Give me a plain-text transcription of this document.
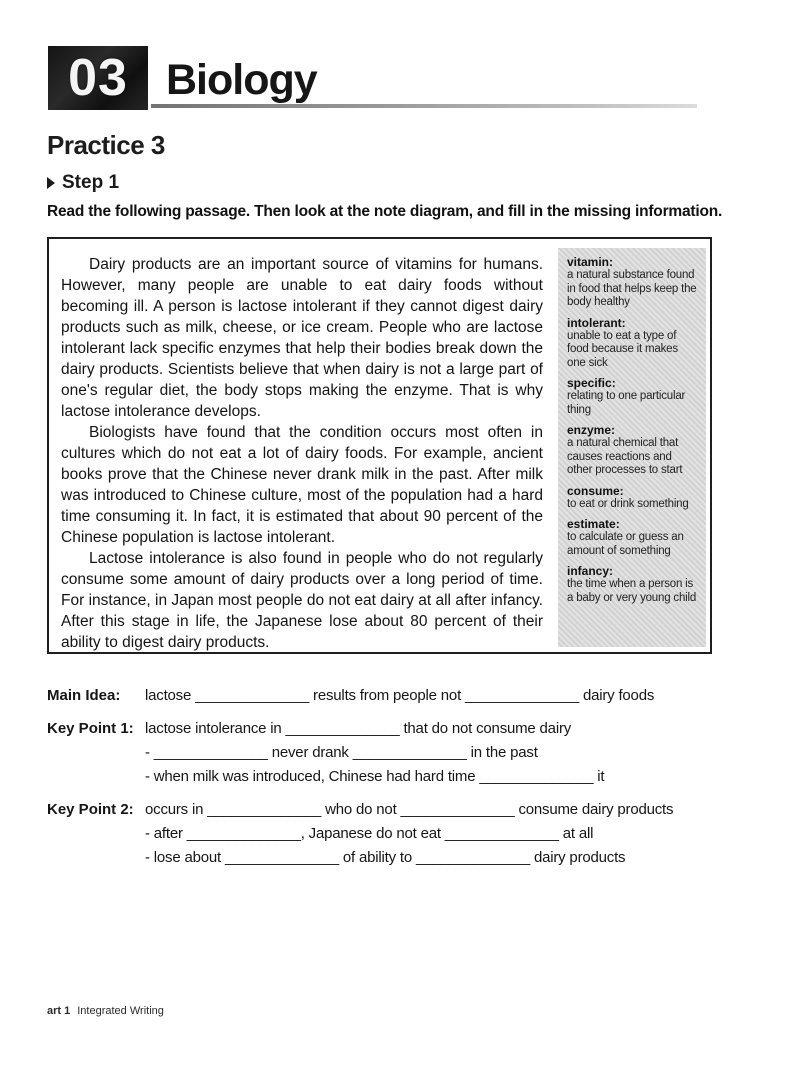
03 Biology
Practice 3
Step 1
Read the following passage. Then look at the note diagram, and fill in the missing information.

Dairy products are an important source of vitamins for humans. However, many people are unable to eat dairy foods without becoming ill. A person is lactose intolerant if they cannot digest dairy products such as milk, cheese, or ice cream. People who are lactose intolerant lack specific enzymes that help their bodies break down the dairy products. Scientists believe that when dairy is not a large part of one's regular diet, the body stops making the enzyme. That is why lactose intolerance develops.

Biologists have found that the condition occurs most often in cultures which do not eat a lot of dairy foods. For example, ancient books prove that the Chinese never drank milk in the past. After milk was introduced to Chinese culture, most of the population had a hard time consuming it. In fact, it is estimated that about 90 percent of the Chinese population is lactose intolerant.

Lactose intolerance is also found in people who do not regularly consume some amount of dairy products over a long period of time. For instance, in Japan most people do not eat dairy at all after infancy. After this stage in life, the Japanese lose about 80 percent of their ability to digest dairy products.

vitamin:
a natural substance found in food that helps keep the body healthy
intolerant:
unable to eat a type of food because it makes one sick
specific:
relating to one particular thing
enzyme:
a natural chemical that causes reactions and other processes to start
consume:
to eat or drink something
estimate:
to calculate or guess an amount of something
infancy:
the time when a person is a baby or very young child
Main Idea:	lactose ______________ results from people not ______________ dairy foods
Key Point 1: lactose intolerance in ______________ that do not consume dairy
- ______________ never drank ______________ in the past
- when milk was introduced, Chinese had hard time ______________ it
Key Point 2: occurs in ______________ who do not ______________ consume dairy products
- after ______________, Japanese do not eat ______________ at all
- lose about ______________ of ability to ______________ dairy products
art 1 Integrated Writing
